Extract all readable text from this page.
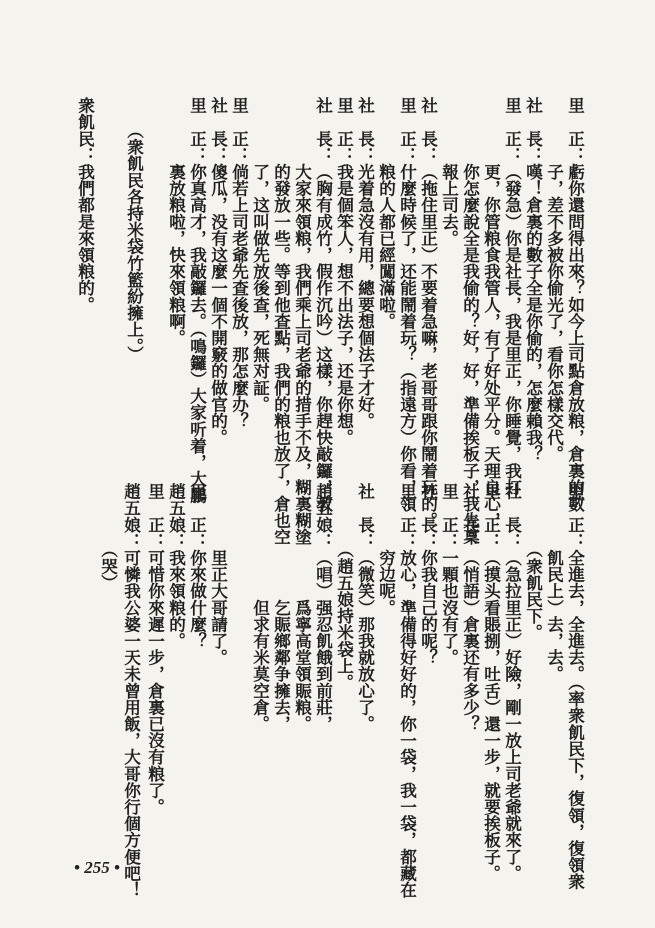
里　正：虧你還問得出來？如今上司點倉放粮，倉裏的數
　　　　子，差不多被你偷光了，看你怎樣交代。
社　長：嘆！倉裏的數子全是你偷的，怎麼賴我？
里　正：（發急）你是社長，我是里正，你睡覺，我打
　　　　更，你管粮食我管人，有了好处平分。天理良心，
　　　　你怎麼說全是我偷的？好，好，準備挨板子，我先稟
　　　　報上司去。
社　長：（拖住里正）不要着急嘛，老哥哥跟你鬧着玩的。
里　正：什麼時候了，还能鬧着玩？（指遠方）你看，領
　　　　粮的人都已經闖滿啦。
社　長：光着急沒有用，總要想個法子才好。
里　正：我是個笨人，想不出法子，还是你想。
社　長：（胸有成竹，假作沉吟）这樣，你趕快敲鑼，教
　　　　大家來領粮，我們乘上司老爺的措手不及，糊裏糊塗
　　　　的發放一些。等到他查點，我們的粮也放了，倉也空
　　　　了，这叫做先放後查，死無对証。
里　正：倘若上司老爺先查後放，那怎麼办？
社　長：傻瓜，没有这麼一個不開竅的做官的。
里　正：你真高才，我敲鑼去。（鳴鑼）大家听着，大鵬
　　　　裏放粮啦，快來領粮啊。
　　（衆飢民各持米袋竹籃紛擁上。）
衆飢民：我們都是來領粮的。
里　正：全進去，全進去。（率衆飢民下，復領，復領衆
　　　　飢民上）去，去。
　　　　（衆飢民下。
社　長：（急拉里正）好險，剛一放上司老爺就來了。
里　正：（摸头看賬捌，吐舌）還一步，就要挨板子。
社　長：（悄語）倉裏还有多少？
里　正：一顆也沒有了。
社　長：你我自己的呢？
里　正：放心，準備得好好的，你一袋，我一袋，都藏在
　　　　穷边呢。
社　長：（微笑）那我就放心了。
　　　　（趙五娘持米袋上。
趙五娘：（唱）强忍飢餓到前莊，
　　　　　　　爲寧高堂領賑粮。
　　　　　　　乞賑鄉鄰争擁去，
　　　　　　　但求有米莫空倉。
　　　　里正大哥請了。
里　正：你來做什麼？
趙五娘：我來領粮的。
里　正：可惜你來遲一步，倉裏已沒有粮了。
趙五娘：可憐我公婆一天未曾用飯，大哥你行個方便吧！
　　　　（哭）
• 255 •
